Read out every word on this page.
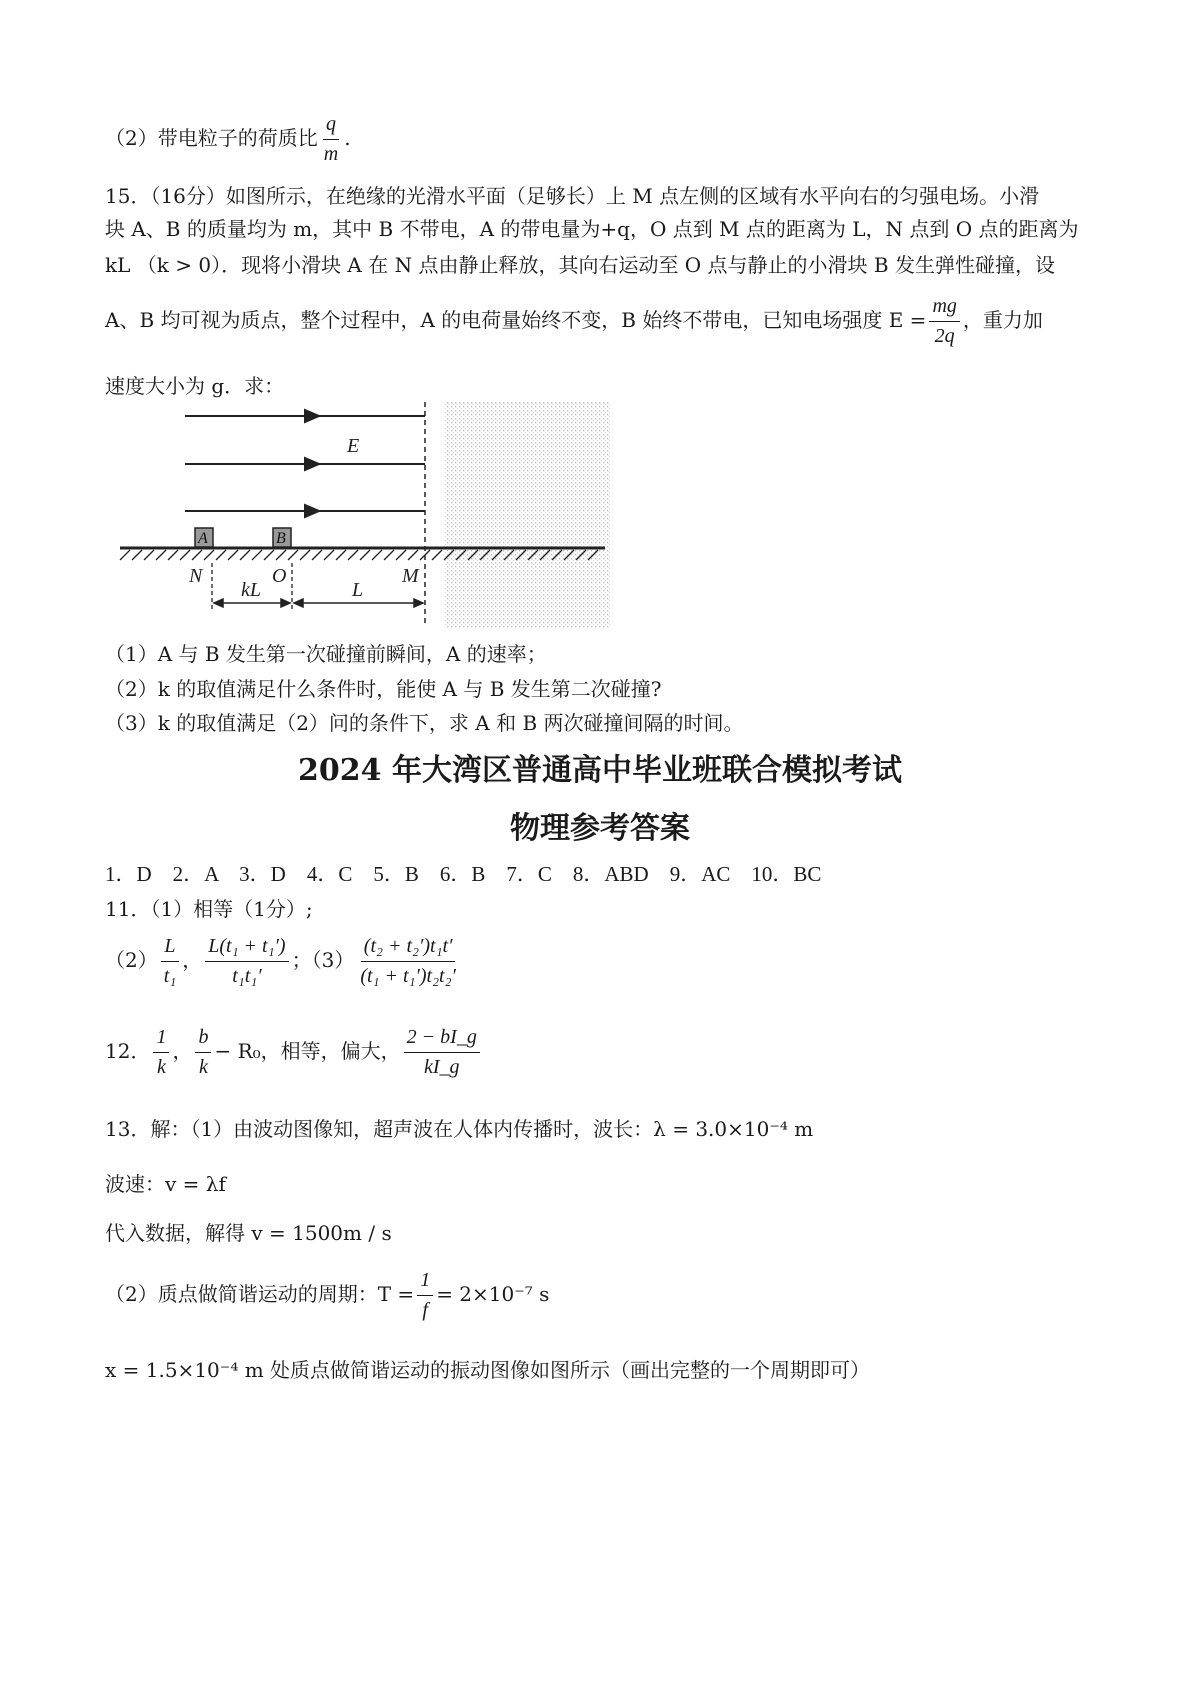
（2）带电粒子的荷质比 $\frac{q}{m}$ .
15．（16分）如图所示，在绝缘的光滑水平面（足够长）上 M 点左侧的区域有水平向右的匀强电场。小滑
块 A、B 的质量均为 m，其中 B 不带电，A 的带电量为+q，O 点到 M 点的距离为 L，N 点到 O 点的距离为
kL （k > 0）．现将小滑块 A 在 N 点由静止释放，其向右运动至 O 点与静止的小滑块 B 发生弹性碰撞，设
A、B 均可视为质点，整个过程中，A 的电荷量始终不变，B 始终不带电，已知电场强度 $E = \frac{mg}{2q}$ ，重力加
速度大小为 g．求：
A	B
E
N	O	M
kL	L
（1）A 与 B 发生第一次碰撞前瞬间，A 的速率；
（2）k 的取值满足什么条件时，能使 A 与 B 发生第二次碰撞?
（3）k 的取值满足（2）问的条件下，求 A 和 B 两次碰撞间隔的时间。
2024 年大湾区普通高中毕业班联合模拟考试
物理参考答案
1．D　2．A　3．D　4．C　5．B　6．B　7．C　8．ABD　9．AC　10．BC
11．（1）相等（1分）;
$(2) \frac{L}{\text{t₁}}$ ， $\frac{\text{L(t₁ + t₁′)}}{\text{t₁t₁′}}$ ；$(3) \frac{\text{(t₂ + t₂′)t₁t′}}{\text{(t₁ + t₁′)t₂t₂′}}$
12． $\frac{1}{k}$ ， $\frac{b}{k} - R_0$，相等，偏大， $\frac{2 - bI\_g}{kI\_g}$
13．解：（1）由波动图像知，超声波在人体内传播时，波长：λ = 3.0×10⁻⁴ m
波速：v = λf
代入数据，解得 v = 1500m / s
（2）质点做简谐运动的周期：$T = \frac{1}{f} = 2\times 10^{-7}$ s
x = 1.5×10⁻⁴ m 处质点做简谐运动的振动图像如图所示（画出完整的一个周期即可）
